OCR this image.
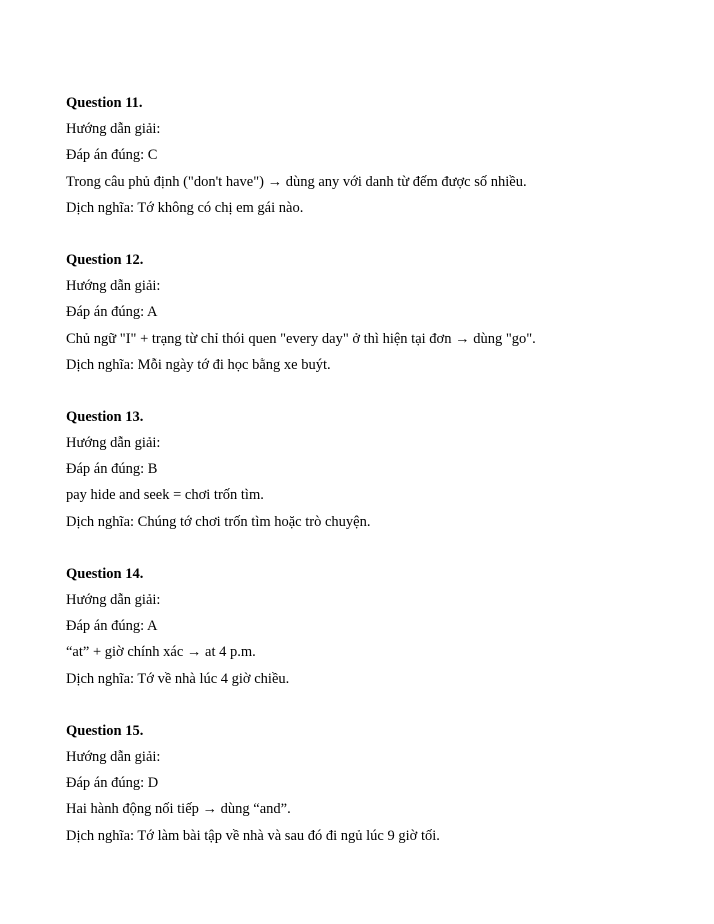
Question 11.
Hướng dẫn giải:
Đáp án đúng: C
Trong câu phủ định ("don't have") → dùng any với danh từ đếm được số nhiều.
Dịch nghĩa: Tớ không có chị em gái nào.
Question 12.
Hướng dẫn giải:
Đáp án đúng: A
Chủ ngữ "I" + trạng từ chỉ thói quen "every day" ở thì hiện tại đơn → dùng "go".
Dịch nghĩa: Mỗi ngày tớ đi học bằng xe buýt.
Question 13.
Hướng dẫn giải:
Đáp án đúng: B
pay hide and seek = chơi trốn tìm.
Dịch nghĩa: Chúng tớ chơi trốn tìm hoặc trò chuyện.
Question 14.
Hướng dẫn giải:
Đáp án đúng: A
“at” + giờ chính xác → at 4 p.m.
Dịch nghĩa: Tớ về nhà lúc 4 giờ chiều.
Question 15.
Hướng dẫn giải:
Đáp án đúng: D
Hai hành động nối tiếp → dùng “and”.
Dịch nghĩa: Tớ làm bài tập về nhà và sau đó đi ngủ lúc 9 giờ tối.
